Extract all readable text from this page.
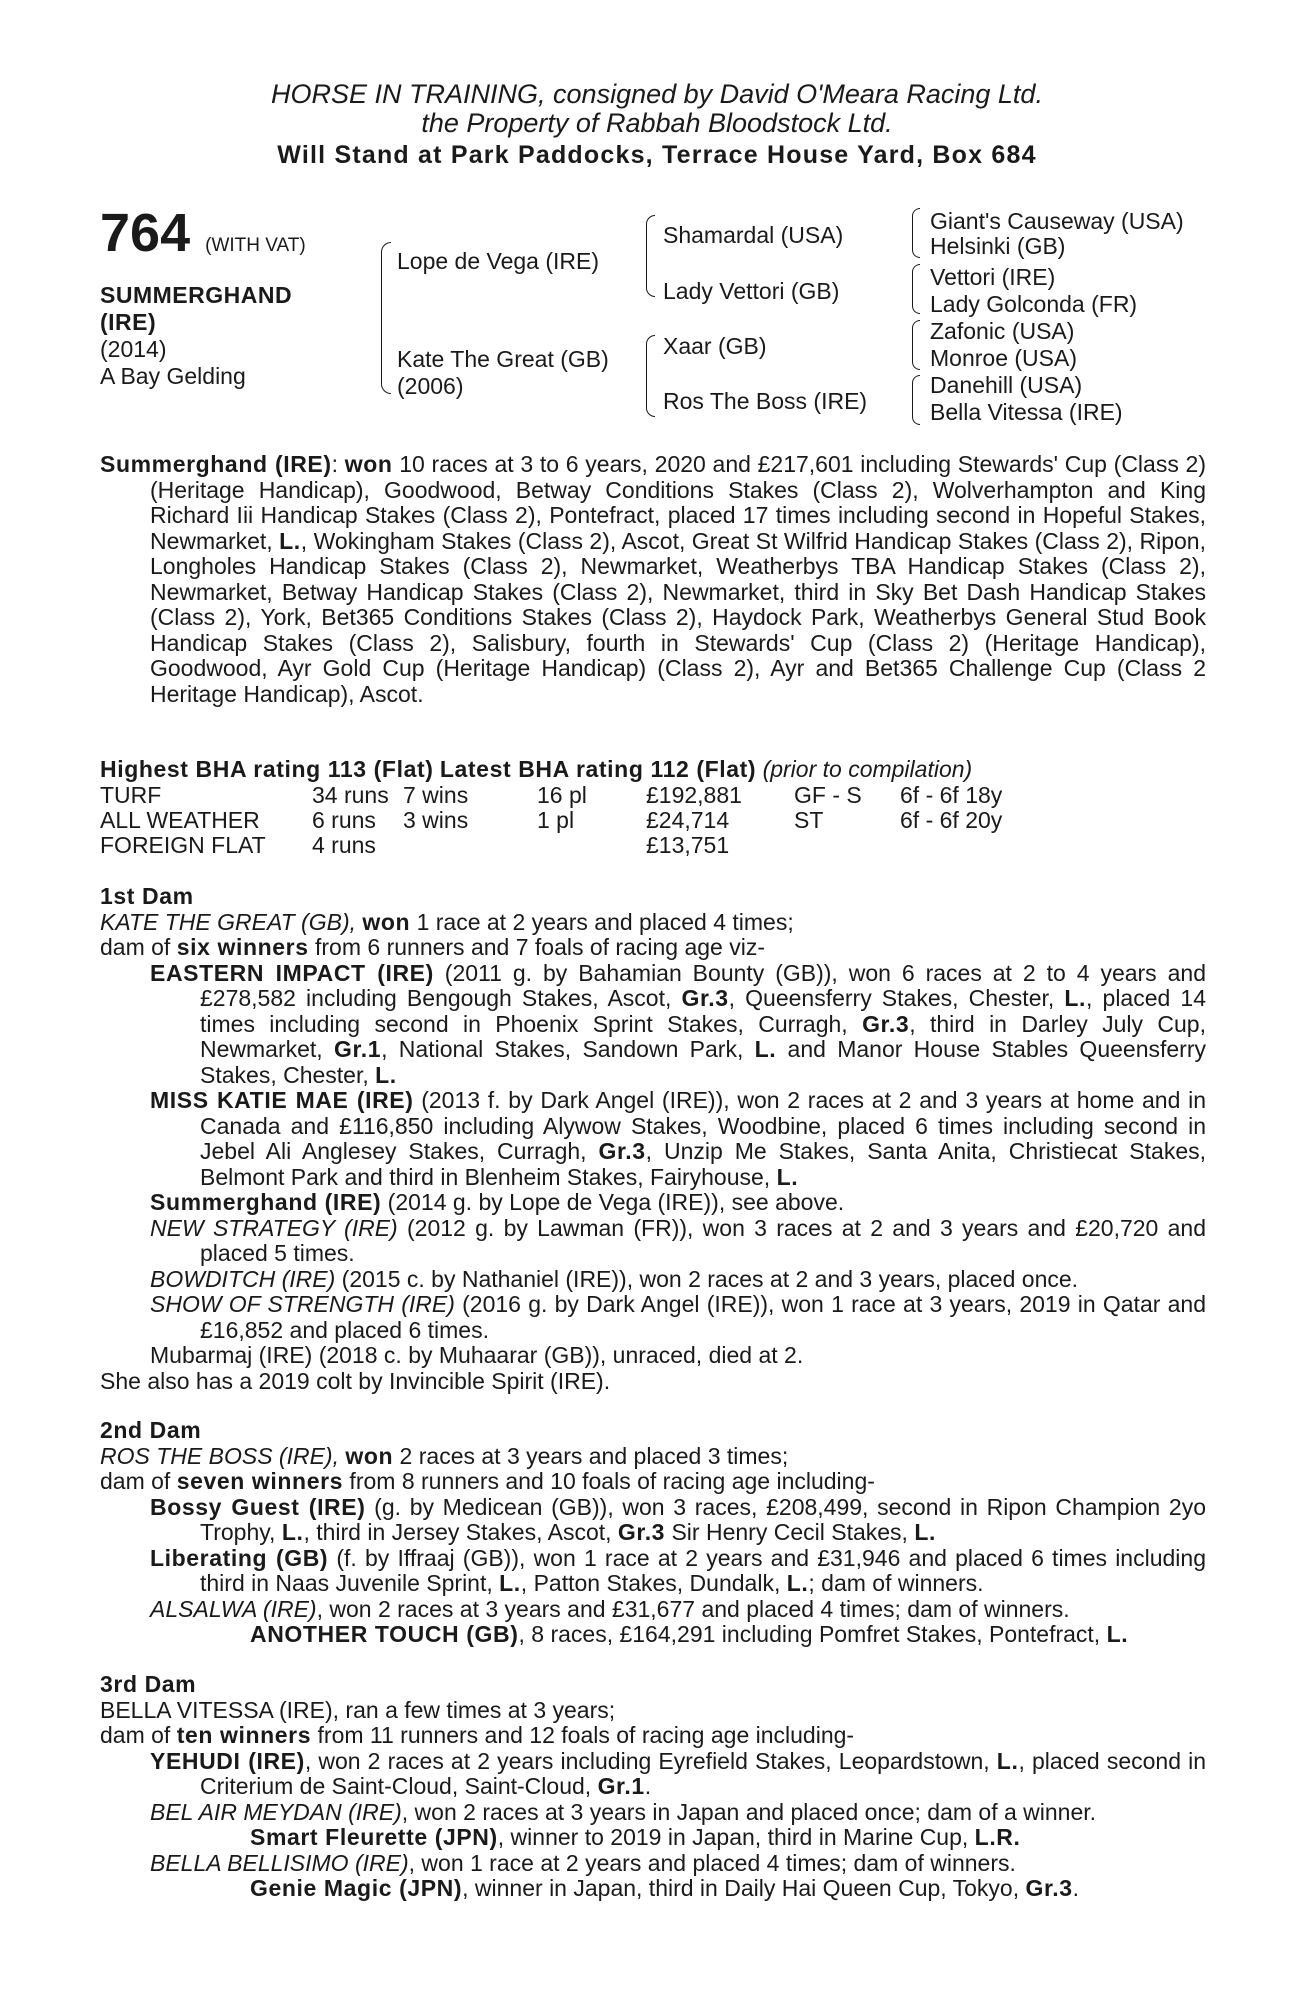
HORSE IN TRAINING, consigned by David O'Meara Racing Ltd.
the Property of Rabbah Bloodstock Ltd.
Will Stand at Park Paddocks, Terrace House Yard, Box 684
764 (WITH VAT)
SUMMERGHAND
(IRE)
(2014)
A Bay Gelding
Lope de Vega (IRE)
Kate The Great (GB)
(2006)
Shamardal (USA)
Lady Vettori (GB)
Xaar (GB)
Ros The Boss (IRE)
Giant's Causeway (USA)
Helsinki (GB)
Vettori (IRE)
Lady Golconda (FR)
Zafonic (USA)
Monroe (USA)
Danehill (USA)
Bella Vitessa (IRE)
Summerghand (IRE): won 10 races at 3 to 6 years, 2020 and £217,601 including Stewards' Cup (Class 2) (Heritage Handicap), Goodwood, Betway Conditions Stakes (Class 2), Wolverhampton and King Richard Iii Handicap Stakes (Class 2), Pontefract, placed 17 times including second in Hopeful Stakes, Newmarket, L., Wokingham Stakes (Class 2), Ascot, Great St Wilfrid Handicap Stakes (Class 2), Ripon, Longholes Handicap Stakes (Class 2), Newmarket, Weatherbys TBA Handicap Stakes (Class 2), Newmarket, Betway Handicap Stakes (Class 2), Newmarket, third in Sky Bet Dash Handicap Stakes (Class 2), York, Bet365 Conditions Stakes (Class 2), Haydock Park, Weatherbys General Stud Book Handicap Stakes (Class 2), Salisbury, fourth in Stewards' Cup (Class 2) (Heritage Handicap), Goodwood, Ayr Gold Cup (Heritage Handicap) (Class 2), Ayr and Bet365 Challenge Cup (Class 2 Heritage Handicap), Ascot.
Highest BHA rating 113 (Flat) Latest BHA rating 112 (Flat) (prior to compilation)
TURF	34 runs	7 wins	16 pl	£192,881	GF - S	6f - 6f 18y
ALL WEATHER	6 runs	3 wins	1 pl	£24,714	ST	6f - 6f 20y
FOREIGN FLAT	4 runs			£13,751		
1st Dam
KATE THE GREAT (GB), won 1 race at 2 years and placed 4 times;
dam of six winners from 6 runners and 7 foals of racing age viz-
EASTERN IMPACT (IRE) (2011 g. by Bahamian Bounty (GB)), won 6 races at 2 to 4 years and £278,582 including Bengough Stakes, Ascot, Gr.3, Queensferry Stakes, Chester, L., placed 14 times including second in Phoenix Sprint Stakes, Curragh, Gr.3, third in Darley July Cup, Newmarket, Gr.1, National Stakes, Sandown Park, L. and Manor House Stables Queensferry Stakes, Chester, L.
MISS KATIE MAE (IRE) (2013 f. by Dark Angel (IRE)), won 2 races at 2 and 3 years at home and in Canada and £116,850 including Alywow Stakes, Woodbine, placed 6 times including second in Jebel Ali Anglesey Stakes, Curragh, Gr.3, Unzip Me Stakes, Santa Anita, Christiecat Stakes, Belmont Park and third in Blenheim Stakes, Fairyhouse, L.
Summerghand (IRE) (2014 g. by Lope de Vega (IRE)), see above.
NEW STRATEGY (IRE) (2012 g. by Lawman (FR)), won 3 races at 2 and 3 years and £20,720 and placed 5 times.
BOWDITCH (IRE) (2015 c. by Nathaniel (IRE)), won 2 races at 2 and 3 years, placed once.
SHOW OF STRENGTH (IRE) (2016 g. by Dark Angel (IRE)), won 1 race at 3 years, 2019 in Qatar and £16,852 and placed 6 times.
Mubarmaj (IRE) (2018 c. by Muhaarar (GB)), unraced, died at 2.
She also has a 2019 colt by Invincible Spirit (IRE).
2nd Dam
ROS THE BOSS (IRE), won 2 races at 3 years and placed 3 times;
dam of seven winners from 8 runners and 10 foals of racing age including-
Bossy Guest (IRE) (g. by Medicean (GB)), won 3 races, £208,499, second in Ripon Champion 2yo Trophy, L., third in Jersey Stakes, Ascot, Gr.3 Sir Henry Cecil Stakes, L.
Liberating (GB) (f. by Iffraaj (GB)), won 1 race at 2 years and £31,946 and placed 6 times including third in Naas Juvenile Sprint, L., Patton Stakes, Dundalk, L.; dam of winners.
ALSALWA (IRE), won 2 races at 3 years and £31,677 and placed 4 times; dam of winners.
ANOTHER TOUCH (GB), 8 races, £164,291 including Pomfret Stakes, Pontefract, L.
3rd Dam
BELLA VITESSA (IRE), ran a few times at 3 years;
dam of ten winners from 11 runners and 12 foals of racing age including-
YEHUDI (IRE), won 2 races at 2 years including Eyrefield Stakes, Leopardstown, L., placed second in Criterium de Saint-Cloud, Saint-Cloud, Gr.1.
BEL AIR MEYDAN (IRE), won 2 races at 3 years in Japan and placed once; dam of a winner.
Smart Fleurette (JPN), winner to 2019 in Japan, third in Marine Cup, L.R.
BELLA BELLISIMO (IRE), won 1 race at 2 years and placed 4 times; dam of winners.
Genie Magic (JPN), winner in Japan, third in Daily Hai Queen Cup, Tokyo, Gr.3.
